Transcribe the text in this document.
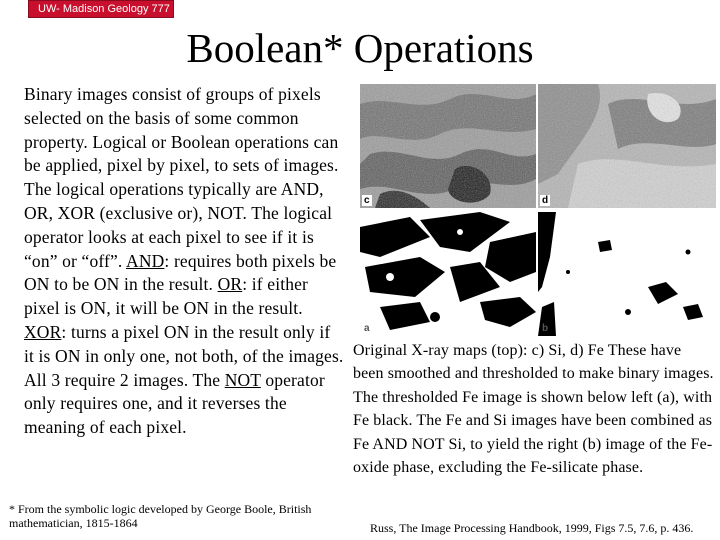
UW- Madison Geology 777
Boolean* Operations
Binary images consist of groups of pixels selected on the basis of some common property. Logical or Boolean operations can be applied, pixel by pixel, to sets of images. The logical operations typically are AND, OR, XOR (exclusive or), NOT. The logical operator looks at each pixel to see if it is “on” or “off”. AND: requires both pixels be ON to be ON in the result. OR: if either pixel is ON, it will be ON in the result. XOR: turns a pixel ON in the result only if it is ON in only one, not both, of the images. All 3 require 2 images. The NOT operator only requires one, and it reverses the meaning of each pixel.
* From the symbolic logic developed by George Boole, British mathematician, 1815-1864
c	d
a	b
Original X-ray maps (top): c) Si, d) Fe These have been smoothed and thresholded to make binary images. The thresholded Fe image is shown below left (a), with Fe black. The Fe and Si images have been combined as Fe AND NOT Si, to yield the right (b) image of the Fe-oxide phase, excluding the Fe-silicate phase.
Russ, The Image Processing Handbook, 1999, Figs 7.5, 7.6, p. 436.
